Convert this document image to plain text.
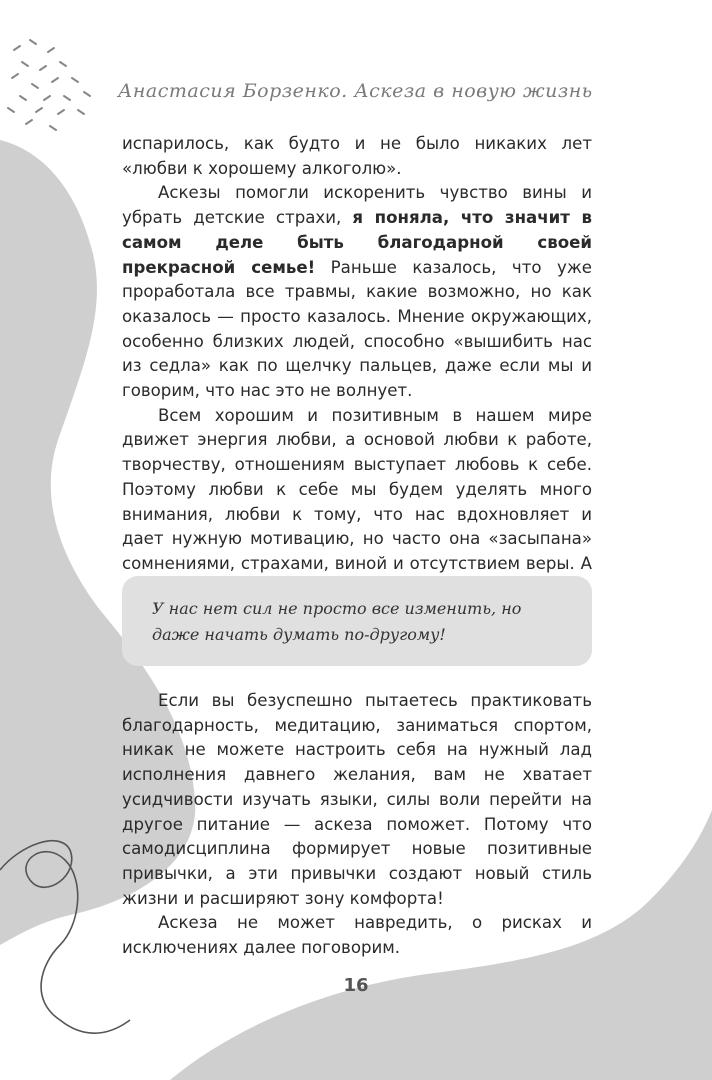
Анастасия Борзенко. Аскеза в новую жизнь

испарилось, как будто и не было никаких лет «любви к хорошему алкоголю».

Аскезы помогли искоренить чувство вины и убрать детские страхи, я поняла, что значит в самом деле быть благодарной своей прекрасной семье! Раньше казалось, что уже проработала все травмы, какие возможно, но как оказалось — просто казалось. Мнение окружающих, особенно близких людей, способно «вышибить нас из седла» как по щелчку пальцев, даже если мы и говорим, что нас это не волнует.

Всем хорошим и позитивным в нашем мире движет энергия любви, а основой любви к работе, творчеству, отношениям выступает любовь к себе. Поэтому любви к себе мы будем уделять много внимания, любви к тому, что нас вдохновляет и дает нужную мотивацию, но часто она «засыпана» сомнениями, страхами, виной и отсутствием веры. А

У нас нет сил не просто все изменить, но даже начать думать по-другому!

Если вы безуспешно пытаетесь практиковать благодарность, медитацию, заниматься спортом, никак не можете настроить себя на нужный лад исполнения давнего желания, вам не хватает усидчивости изучать языки, силы воли перейти на другое питание — аскеза поможет. Потому что самодисциплина формирует новые позитивные привычки, а эти привычки создают новый стиль жизни и расширяют зону комфорта!

Аскеза не может навредить, о рисках и исключениях далее поговорим.

16
